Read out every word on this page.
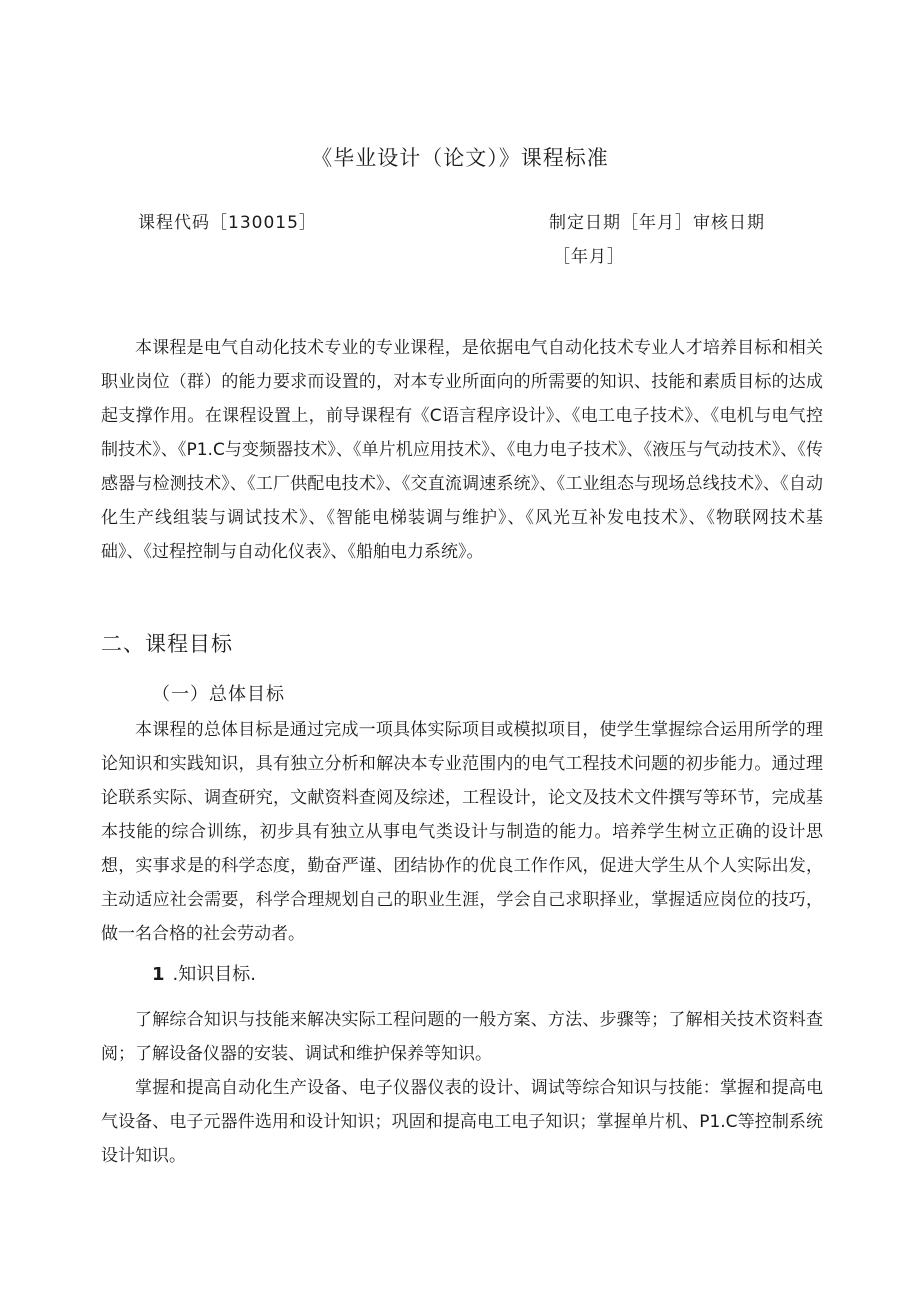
《毕业设计（论文）》课程标准
课程代码［130015］	制定日期［年月］审核日期
［年月］

本课程是电气自动化技术专业的专业课程，是依据电气自动化技术专业人才培养目标和相关职业岗位（群）的能力要求而设置的，对本专业所面向的所需要的知识、技能和素质目标的达成起支撑作用。在课程设置上，前导课程有《C语言程序设计》、《电工电子技术》、《电机与电气控制技术》、《P1.C与变频器技术》、《单片机应用技术》、《电力电子技术》、《液压与气动技术》、《传感器与检测技术》、《工厂供配电技术》、《交直流调速系统》、《工业组态与现场总线技术》、《自动化生产线组装与调试技术》、《智能电梯装调与维护》、《风光互补发电技术》、《物联网技术基础》、《过程控制与自动化仪表》、《船舶电力系统》。

二、课程目标
（一）总体目标

本课程的总体目标是通过完成一项具体实际项目或模拟项目，使学生掌握综合运用所学的理论知识和实践知识，具有独立分析和解决本专业范围内的电气工程技术问题的初步能力。通过理论联系实际、调查研究，文献资料查阅及综述，工程设计，论文及技术文件撰写等环节，完成基本技能的综合训练，初步具有独立从事电气类设计与制造的能力。培养学生树立正确的设计思想，实事求是的科学态度，勤奋严谨、团结协作的优良工作作风，促进大学生从个人实际出发，主动适应社会需要，科学合理规划自己的职业生涯，学会自己求职择业，掌握适应岗位的技巧，做一名合格的社会劳动者。

1 .知识目标.

了解综合知识与技能来解决实际工程问题的一般方案、方法、步骤等；了解相关技术资料查阅；了解设备仪器的安装、调试和维护保养等知识。

掌握和提高自动化生产设备、电子仪器仪表的设计、调试等综合知识与技能：掌握和提高电气设备、电子元器件选用和设计知识；巩固和提高电工电子知识；掌握单片机、P1.C等控制系统设计知识。
